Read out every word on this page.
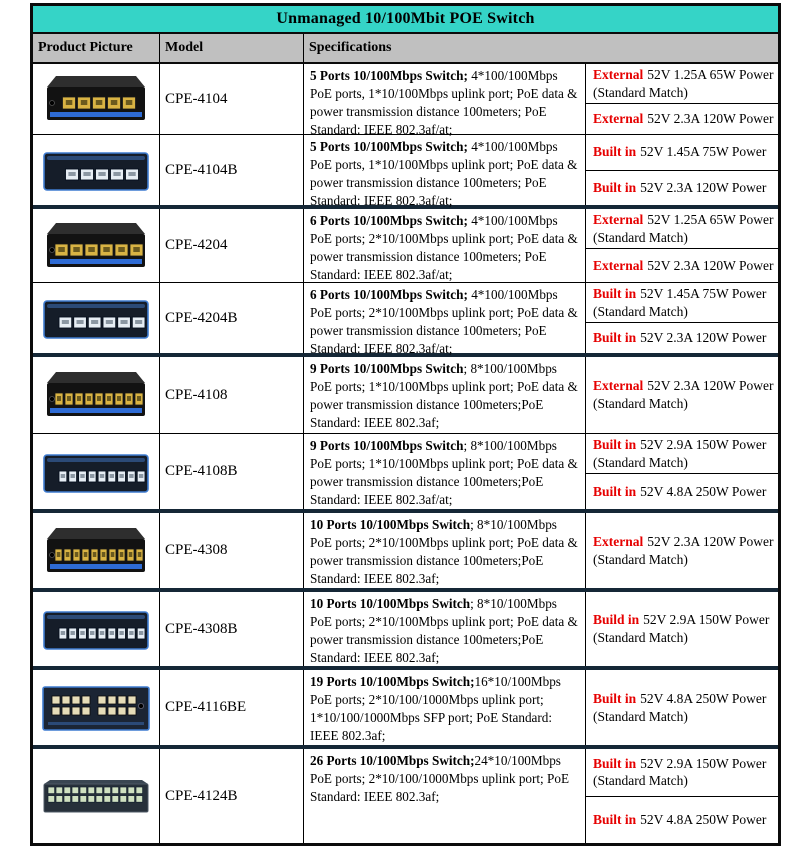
Unmanaged 10/100Mbit POE Switch
Product Picture	Model	Specifications
CPE-4104
5 Ports 10/100Mbps Switch; 4*100/100Mbps PoE ports, 1*10/100Mbps uplink port; PoE data & power transmission distance 100meters; PoE Standard: IEEE 802.3af/at;
External 52V 1.25A 65W Power (Standard Match)
External 52V 2.3A 120W Power
CPE-4104B
5 Ports 10/100Mbps Switch; 4*100/100Mbps PoE ports, 1*10/100Mbps uplink port; PoE data & power transmission distance 100meters; PoE Standard: IEEE 802.3af/at;
Built in 52V 1.45A 75W Power
Built in 52V 2.3A 120W Power
CPE-4204
6 Ports 10/100Mbps Switch; 4*100/100Mbps PoE ports; 2*10/100Mbps uplink port; PoE data & power transmission distance 100meters; PoE Standard: IEEE 802.3af/at;
External 52V 1.25A 65W Power (Standard Match)
External 52V 2.3A 120W Power
CPE-4204B
6 Ports 10/100Mbps Switch; 4*100/100Mbps PoE ports; 2*10/100Mbps uplink port; PoE data & power transmission distance 100meters; PoE Standard: IEEE 802.3af/at;
Built in 52V 1.45A 75W Power (Standard Match)
Built in 52V 2.3A 120W Power
CPE-4108
9 Ports 10/100Mbps Switch; 8*100/100Mbps PoE ports; 1*10/100Mbps uplink port; PoE data & power transmission distance 100meters;PoE Standard: IEEE 802.3af;
External 52V 2.3A 120W Power (Standard Match)
CPE-4108B
9 Ports 10/100Mbps Switch; 8*100/100Mbps PoE ports; 1*10/100Mbps uplink port; PoE data & power transmission distance 100meters;PoE Standard: IEEE 802.3af/at;
Built in 52V 2.9A 150W Power (Standard Match)
Built in 52V 4.8A 250W Power
CPE-4308
10 Ports 10/100Mbps Switch; 8*10/100Mbps PoE ports; 2*10/100Mbps uplink port; PoE data & power transmission distance 100meters;PoE Standard: IEEE 802.3af;
External 52V 2.3A 120W Power (Standard Match)
CPE-4308B
10 Ports 10/100Mbps Switch; 8*10/100Mbps PoE ports; 2*10/100Mbps uplink port; PoE data & power transmission distance 100meters;PoE Standard: IEEE 802.3af;
Build in 52V 2.9A 150W Power (Standard Match)
CPE-4116BE
19 Ports 10/100Mbps Switch;16*10/100Mbps PoE ports; 2*10/100/1000Mbps uplink port; 1*10/100/1000Mbps SFP port; PoE Standard: IEEE 802.3af;
Built in 52V 4.8A 250W Power (Standard Match)
CPE-4124B
26 Ports 10/100Mbps Switch;24*10/100Mbps PoE ports; 2*10/100/1000Mbps uplink port; PoE Standard: IEEE 802.3af;
Built in 52V 2.9A 150W Power (Standard Match)
Built in 52V 4.8A 250W Power
